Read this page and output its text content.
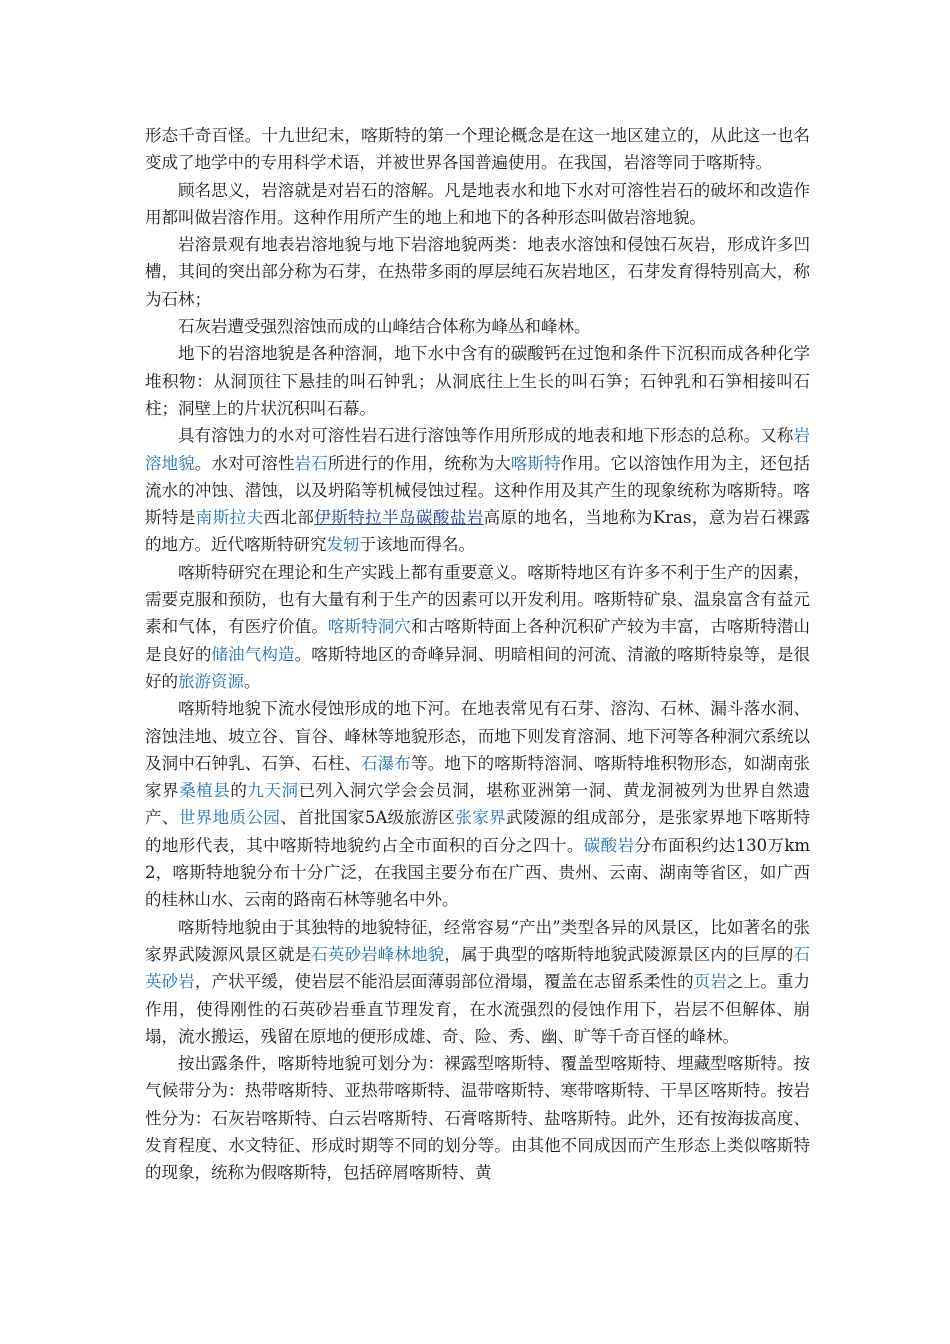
形态千奇百怪。十九世纪末，喀斯特的第一个理论概念是在这一地区建立的，从此这一也名变成了地学中的专用科学术语，并被世界各国普遍使用。在我国，岩溶等同于喀斯特。

顾名思义，岩溶就是对岩石的溶解。凡是地表水和地下水对可溶性岩石的破坏和改造作用都叫做岩溶作用。这种作用所产生的地上和地下的各种形态叫做岩溶地貌。

岩溶景观有地表岩溶地貌与地下岩溶地貌两类：地表水溶蚀和侵蚀石灰岩，形成许多凹槽，其间的突出部分称为石芽，在热带多雨的厚层纯石灰岩地区，石芽发育得特别高大，称为石林；

石灰岩遭受强烈溶蚀而成的山峰结合体称为峰丛和峰林。

地下的岩溶地貌是各种溶洞，地下水中含有的碳酸钙在过饱和条件下沉积而成各种化学堆积物：从洞顶往下悬挂的叫石钟乳；从洞底往上生长的叫石笋；石钟乳和石笋相接叫石柱；洞壁上的片状沉积叫石幕。

具有溶蚀力的水对可溶性岩石进行溶蚀等作用所形成的地表和地下形态的总称。又称岩溶地貌。水对可溶性岩石所进行的作用，统称为大喀斯特作用。它以溶蚀作用为主，还包括流水的冲蚀、潜蚀，以及坍陷等机械侵蚀过程。这种作用及其产生的现象统称为喀斯特。喀斯特是南斯拉夫西北部伊斯特拉半岛碳酸盐岩高原的地名，当地称为Kras，意为岩石裸露的地方。近代喀斯特研究发轫于该地而得名。

喀斯特研究在理论和生产实践上都有重要意义。喀斯特地区有许多不利于生产的因素，需要克服和预防，也有大量有利于生产的因素可以开发利用。喀斯特矿泉、温泉富含有益元素和气体，有医疗价值。喀斯特洞穴和古喀斯特面上各种沉积矿产较为丰富，古喀斯特潜山是良好的储油气构造。喀斯特地区的奇峰异洞、明暗相间的河流、清澈的喀斯特泉等，是很好的旅游资源。

喀斯特地貌下流水侵蚀形成的地下河。在地表常见有石芽、溶沟、石林、漏斗落水洞、溶蚀洼地、坡立谷、盲谷、峰林等地貌形态，而地下则发育溶洞、地下河等各种洞穴系统以及洞中石钟乳、石笋、石柱、石瀑布等。地下的喀斯特溶洞、喀斯特堆积物形态，如湖南张家界桑植县的九天洞已列入洞穴学会会员洞，堪称亚洲第一洞、黄龙洞被列为世界自然遗产、世界地质公园、首批国家5A级旅游区张家界武陵源的组成部分，是张家界地下喀斯特的地形代表，其中喀斯特地貌约占全市面积的百分之四十。碳酸岩分布面积约达130万km2，喀斯特地貌分布十分广泛，在我国主要分布在广西、贵州、云南、湖南等省区，如广西的桂林山水、云南的路南石林等驰名中外。

喀斯特地貌由于其独特的地貌特征，经常容易“产出”类型各异的风景区，比如著名的张家界武陵源风景区就是石英砂岩峰林地貌，属于典型的喀斯特地貌武陵源景区内的巨厚的石英砂岩，产状平缓，使岩层不能沿层面薄弱部位滑塌，覆盖在志留系柔性的页岩之上。重力作用，使得刚性的石英砂岩垂直节理发育，在水流强烈的侵蚀作用下，岩层不但解体、崩塌，流水搬运，残留在原地的便形成雄、奇、险、秀、幽、旷等千奇百怪的峰林。

按出露条件，喀斯特地貌可划分为：裸露型喀斯特、覆盖型喀斯特、埋藏型喀斯特。按气候带分为：热带喀斯特、亚热带喀斯特、温带喀斯特、寒带喀斯特、干旱区喀斯特。按岩性分为：石灰岩喀斯特、白云岩喀斯特、石膏喀斯特、盐喀斯特。此外，还有按海拔高度、发育程度、水文特征、形成时期等不同的划分等。由其他不同成因而产生形态上类似喀斯特的现象，统称为假喀斯特，包括碎屑喀斯特、黄
